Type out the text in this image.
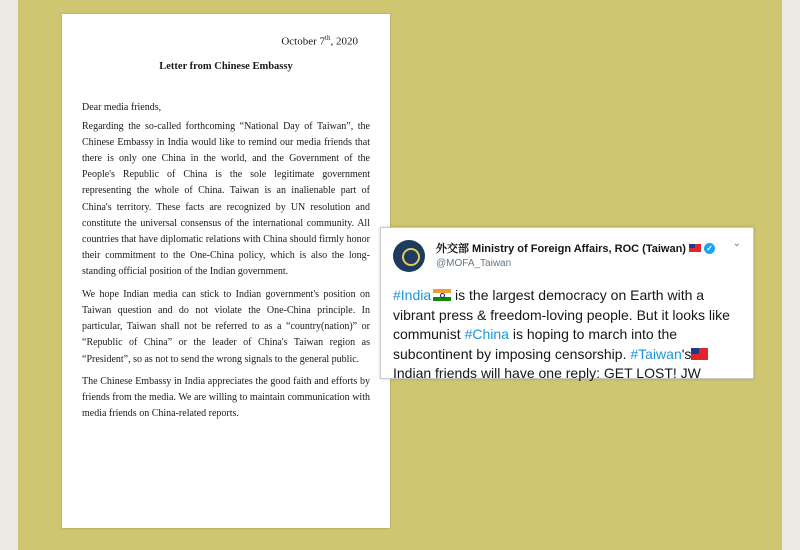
October 7th, 2020
Letter from Chinese Embassy
Dear media friends,

Regarding the so-called forthcoming “National Day of Taiwan”, the Chinese Embassy in India would like to remind our media friends that there is only one China in the world, and the Government of the People's Republic of China is the sole legitimate government representing the whole of China. Taiwan is an inalienable part of China's territory. These facts are recognized by UN resolution and constitute the universal consensus of the international community. All countries that have diplomatic relations with China should firmly honor their commitment to the One-China policy, which is also the long-standing official position of the Indian government.

We hope Indian media can stick to Indian government's position on Taiwan question and do not violate the One-China principle. In particular, Taiwan shall not be referred to as a “country(nation)” or “Republic of China” or the leader of China's Taiwan region as “President”, so as not to send the wrong signals to the general public.

The Chinese Embassy in India appreciates the good faith and efforts by friends from the media. We are willing to maintain communication with media friends on China-related reports.

外交部 Ministry of Foreign Affairs, ROC (Taiwan)	✓
@MOFA_Taiwan
⌄
#India is the largest democracy on Earth with a vibrant press & freedom-loving people. But it looks like communist #China is hoping to march into the subcontinent by imposing censorship. #Taiwan's
Indian friends will have one reply: GET LOST! JW
